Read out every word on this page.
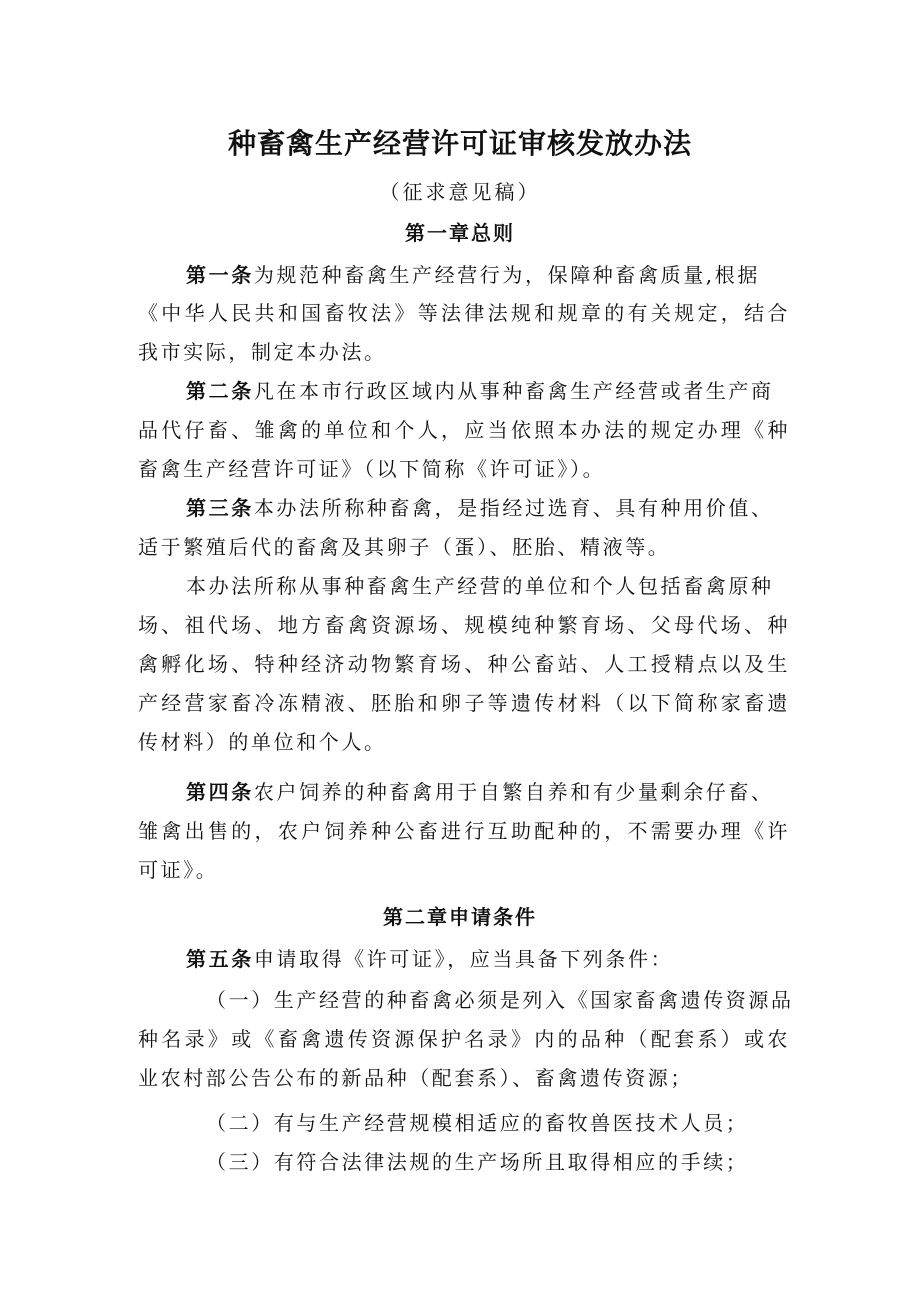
种畜禽生产经营许可证审核发放办法
（征求意见稿）
第一章总则
第一条为规范种畜禽生产经营行为，保障种畜禽质量,根据
《中华人民共和国畜牧法》等法律法规和规章的有关规定，结合
我市实际，制定本办法。
第二条凡在本市行政区域内从事种畜禽生产经营或者生产商
品代仔畜、雏禽的单位和个人，应当依照本办法的规定办理《种
畜禽生产经营许可证》（以下简称《许可证》）。
第三条本办法所称种畜禽，是指经过选育、具有种用价值、
适于繁殖后代的畜禽及其卵子（蛋）、胚胎、精液等。
本办法所称从事种畜禽生产经营的单位和个人包括畜禽原种
场、祖代场、地方畜禽资源场、规模纯种繁育场、父母代场、种
禽孵化场、特种经济动物繁育场、种公畜站、人工授精点以及生
产经营家畜冷冻精液、胚胎和卵子等遗传材料（以下简称家畜遗
传材料）的单位和个人。
第四条农户饲养的种畜禽用于自繁自养和有少量剩余仔畜、
雏禽出售的，农户饲养种公畜进行互助配种的，不需要办理《许
可证》。
第二章申请条件
第五条申请取得《许可证》，应当具备下列条件：
（一）生产经营的种畜禽必须是列入《国家畜禽遗传资源品
种名录》或《畜禽遗传资源保护名录》内的品种（配套系）或农
业农村部公告公布的新品种（配套系）、畜禽遗传资源；
（二）有与生产经营规模相适应的畜牧兽医技术人员；
（三）有符合法律法规的生产场所且取得相应的手续；
